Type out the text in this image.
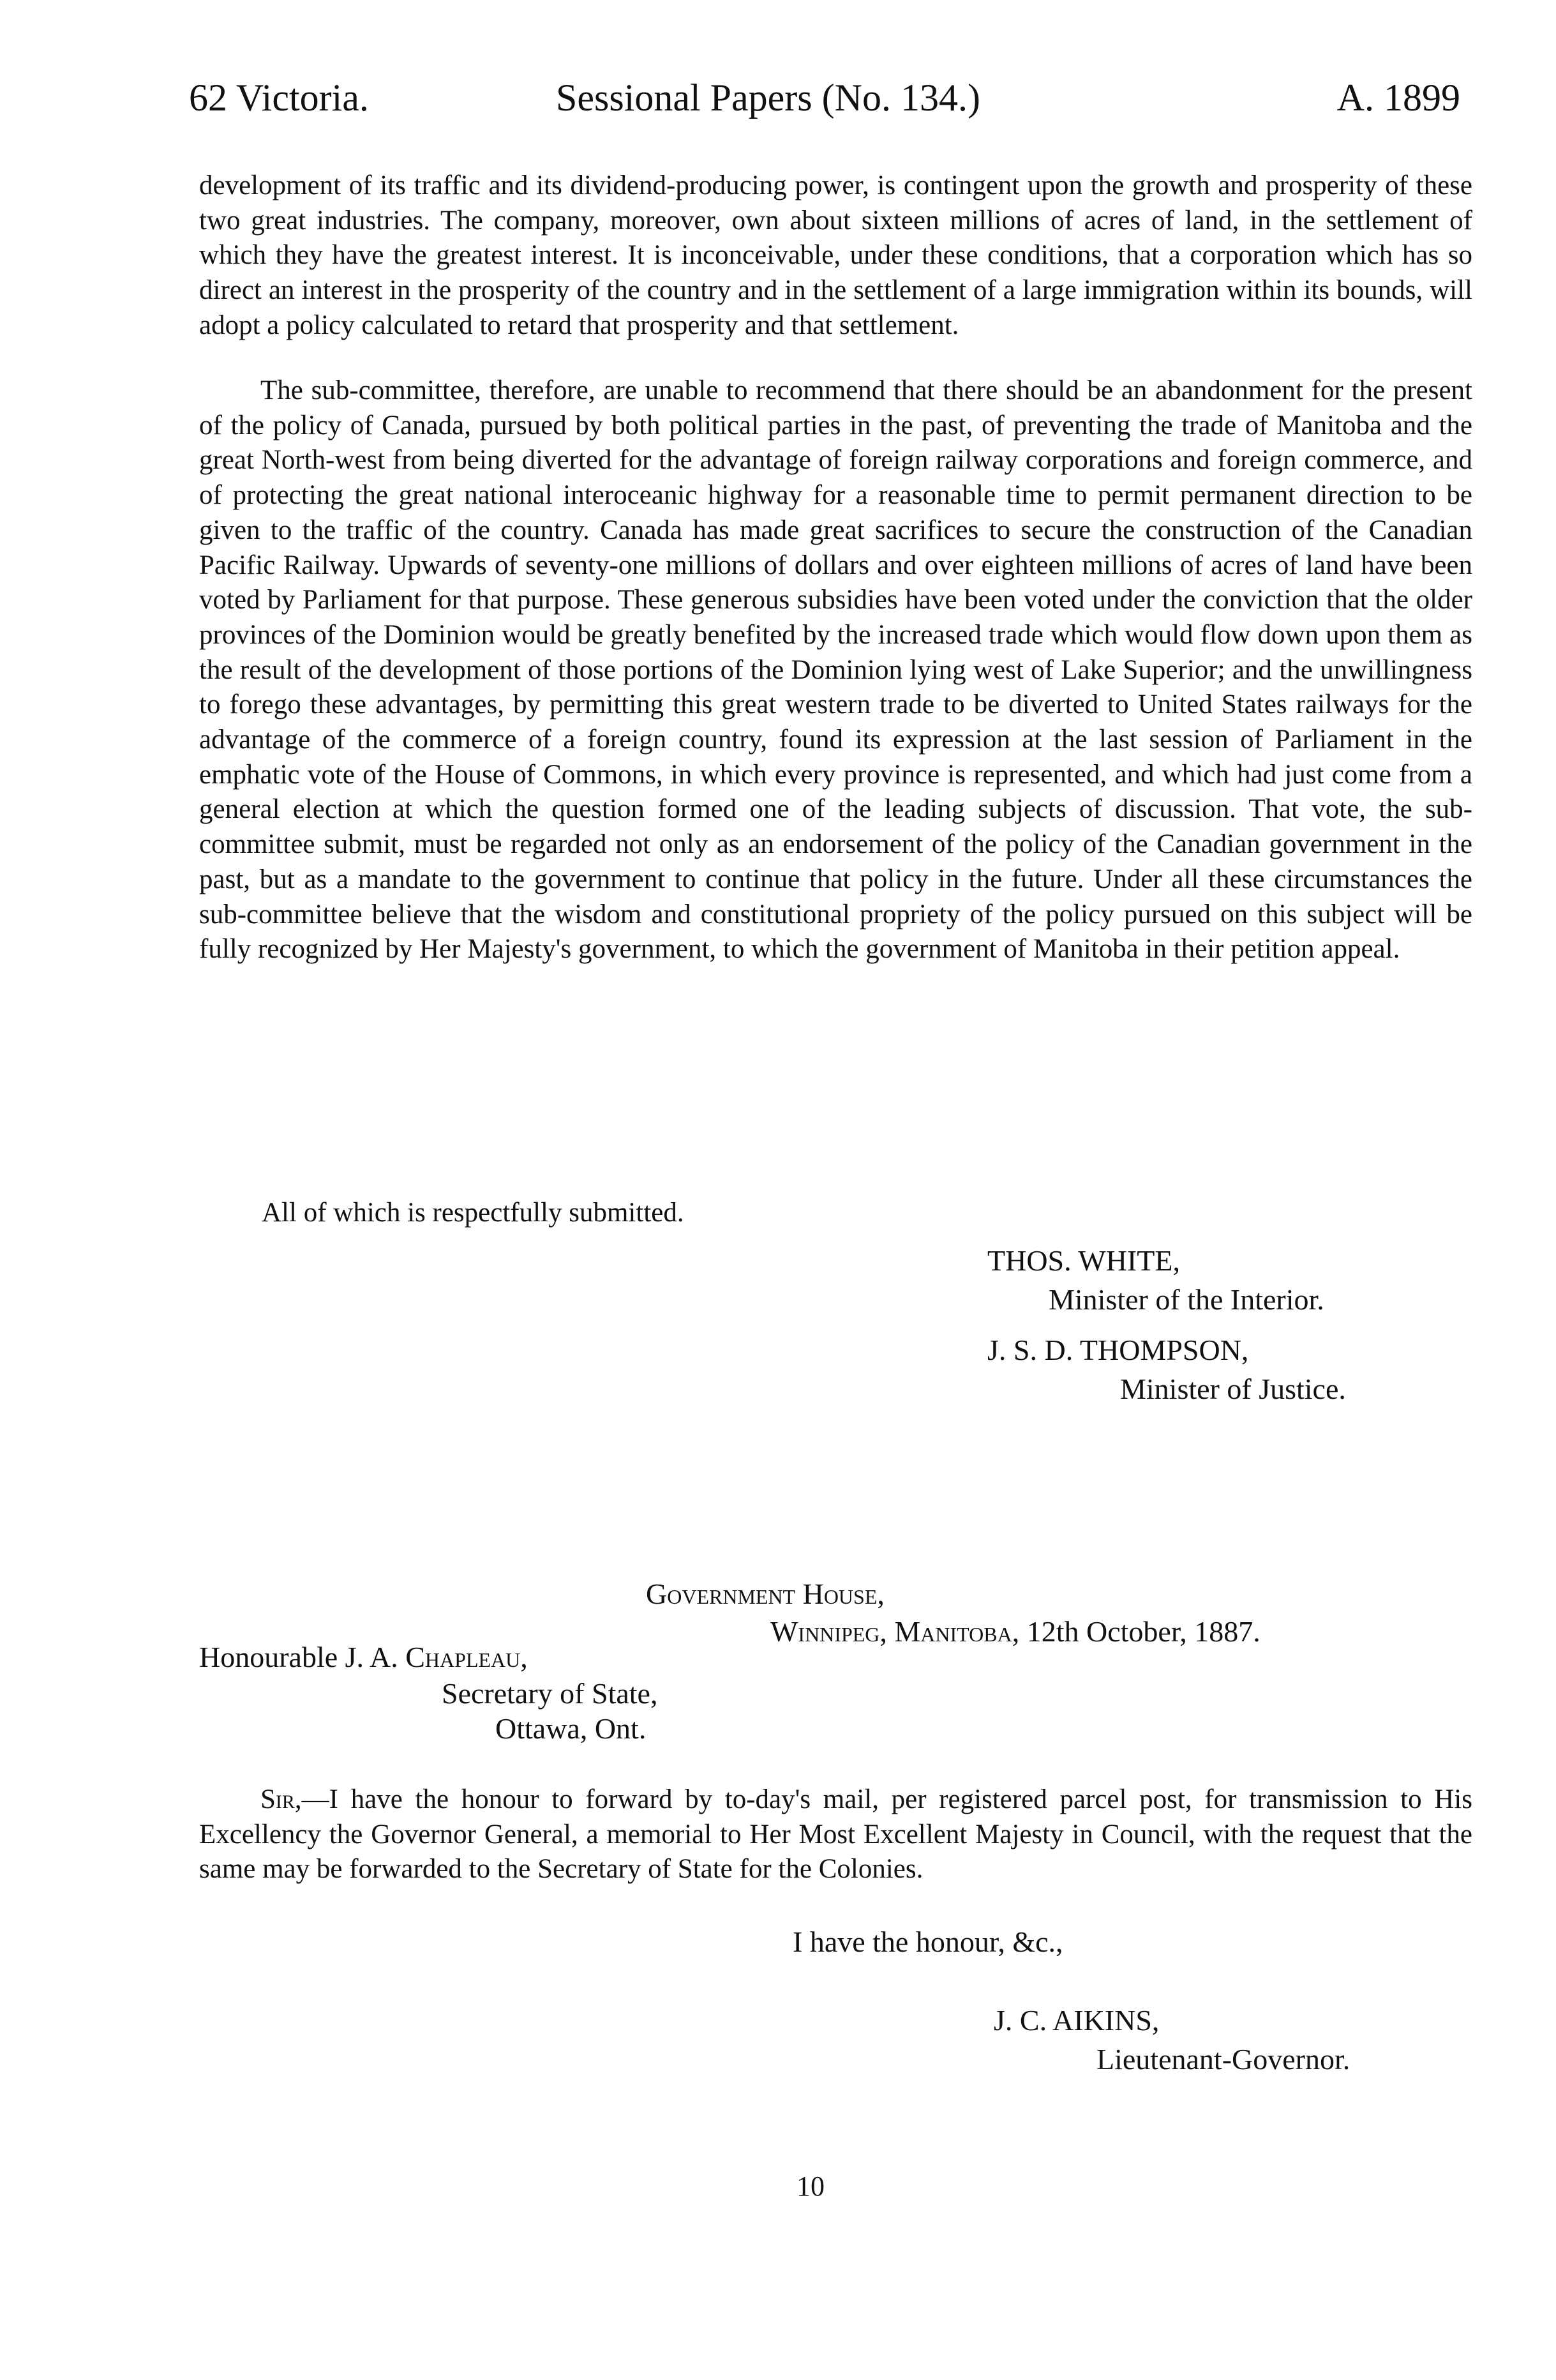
62 Victoria.	Sessional Papers (No. 134.)	A. 1899

development of its traffic and its dividend-producing power, is contingent upon the growth and prosperity of these two great industries. The company, moreover, own about sixteen millions of acres of land, in the settlement of which they have the greatest interest. It is inconceivable, under these conditions, that a corporation which has so direct an interest in the prosperity of the country and in the settlement of a large immigration within its bounds, will adopt a policy calculated to retard that prosperity and that settlement.

The sub-committee, therefore, are unable to recommend that there should be an abandonment for the present of the policy of Canada, pursued by both political parties in the past, of preventing the trade of Manitoba and the great North-west from being diverted for the advantage of foreign railway corporations and foreign commerce, and of protecting the great national interoceanic highway for a reasonable time to permit permanent direction to be given to the traffic of the country. Canada has made great sacrifices to secure the construction of the Canadian Pacific Railway. Upwards of seventy-one millions of dollars and over eighteen millions of acres of land have been voted by Parliament for that purpose. These generous subsidies have been voted under the conviction that the older provinces of the Dominion would be greatly benefited by the increased trade which would flow down upon them as the result of the development of those portions of the Dominion lying west of Lake Superior; and the unwillingness to forego these advantages, by permitting this great western trade to be diverted to United States railways for the advantage of the commerce of a foreign country, found its expression at the last session of Parliament in the emphatic vote of the House of Commons, in which every province is represented, and which had just come from a general election at which the question formed one of the leading subjects of discussion. That vote, the sub-committee submit, must be regarded not only as an endorsement of the policy of the Canadian government in the past, but as a mandate to the government to continue that policy in the future. Under all these circumstances the sub-committee believe that the wisdom and constitutional propriety of the policy pursued on this subject will be fully recognized by Her Majesty's government, to which the government of Manitoba in their petition appeal.

All of which is respectfully submitted.

THOS. WHITE,
Minister of the Interior.
J. S. D. THOMPSON,
Minister of Justice.
Government House,
Winnipeg, Manitoba, 12th October, 1887.
Honourable J. A. Chapleau,
Secretary of State,
Ottawa, Ont.

Sir,—I have the honour to forward by to-day's mail, per registered parcel post, for transmission to His Excellency the Governor General, a memorial to Her Most Excellent Majesty in Council, with the request that the same may be forwarded to the Secretary of State for the Colonies.

I have the honour, &c.,
J. C. AIKINS,
Lieutenant-Governor.
10
